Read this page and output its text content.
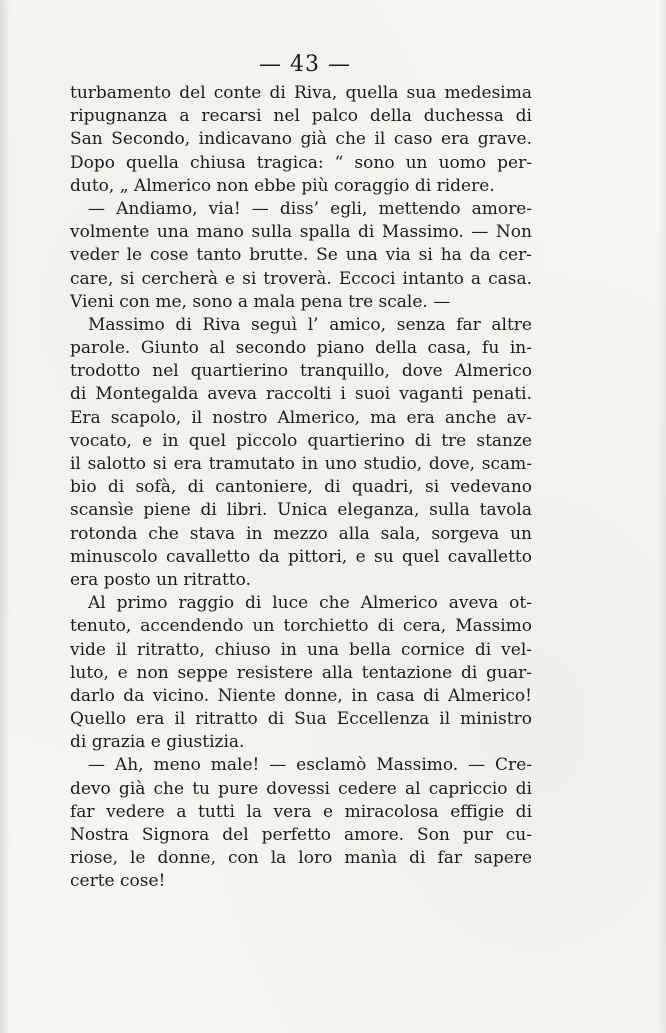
— 43 —
turbamento del conte di Riva, quella sua medesima
ripugnanza a recarsi nel palco della duchessa di
San Secondo, indicavano già che il caso era grave.
Dopo quella chiusa tragica: “ sono un uomo per-
duto, „ Almerico non ebbe più coraggio di ridere.
— Andiamo, via! — diss’ egli, mettendo amore-
volmente una mano sulla spalla di Massimo. — Non
veder le cose tanto brutte. Se una via si ha da cer-
care, si cercherà e si troverà. Eccoci intanto a casa.
Vieni con me, sono a mala pena tre scale. —
Massimo di Riva seguì l’ amico, senza far altre
parole. Giunto al secondo piano della casa, fu in-
trodotto nel quartierino tranquillo, dove Almerico
di Montegalda aveva raccolti i suoi vaganti penati.
Era scapolo, il nostro Almerico, ma era anche av-
vocato, e in quel piccolo quartierino di tre stanze
il salotto si era tramutato in uno studio, dove, scam-
bio di sofà, di cantoniere, di quadri, si vedevano
scansìe piene di libri. Unica eleganza, sulla tavola
rotonda che stava in mezzo alla sala, sorgeva un
minuscolo cavalletto da pittori, e su quel cavalletto
era posto un ritratto.
Al primo raggio di luce che Almerico aveva ot-
tenuto, accendendo un torchietto di cera, Massimo
vide il ritratto, chiuso in una bella cornice di vel-
luto, e non seppe resistere alla tentazione di guar-
darlo da vicino. Niente donne, in casa di Almerico!
Quello era il ritratto di Sua Eccellenza il ministro
di grazia e giustizia.
— Ah, meno male! — esclamò Massimo. — Cre-
devo già che tu pure dovessi cedere al capriccio di
far vedere a tutti la vera e miracolosa effigie di
Nostra Signora del perfetto amore. Son pur cu-
riose, le donne, con la loro manìa di far sapere
certe cose!
